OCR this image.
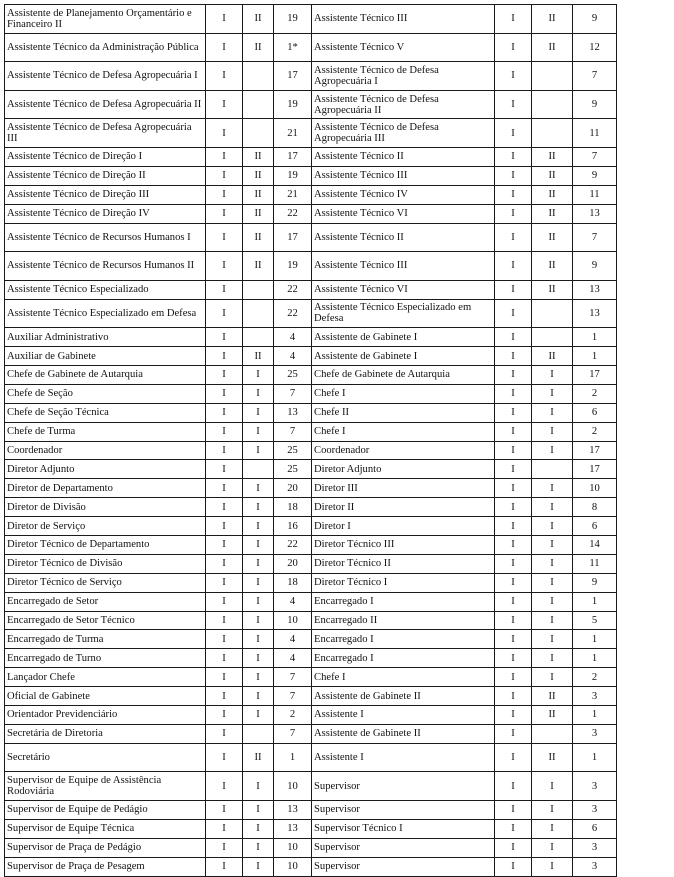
Assistente de Planejamento Orçamentário e Financeiro II	I	II	19	Assistente Técnico III	I	II	9
Assistente Técnico da Administração Pública	I	II	1*	Assistente Técnico V	I	II	12
Assistente Técnico de Defesa Agropecuária I	I		17	Assistente Técnico de Defesa Agropecuária I	I		7
Assistente Técnico de Defesa Agropecuária II	I		19	Assistente Técnico de Defesa Agropecuária II	I		9
Assistente Técnico de Defesa Agropecuária III	I		21	Assistente Técnico de Defesa Agropecuária III	I		11
Assistente Técnico de Direção I	I	II	17	Assistente Técnico II	I	II	7
Assistente Técnico de Direção II	I	II	19	Assistente Técnico III	I	II	9
Assistente Técnico de Direção III	I	II	21	Assistente Técnico IV	I	II	11
Assistente Técnico de Direção IV	I	II	22	Assistente Técnico VI	I	II	13
Assistente Técnico de Recursos Humanos I	I	II	17	Assistente Técnico II	I	II	7
Assistente Técnico de Recursos Humanos II	I	II	19	Assistente Técnico III	I	II	9
Assistente Técnico Especializado	I		22	Assistente Técnico VI	I	II	13
Assistente Técnico Especializado em Defesa	I		22	Assistente Técnico Especializado em Defesa	I		13
Auxiliar Administrativo	I		4	Assistente de Gabinete I	I		1
Auxiliar de Gabinete	I	II	4	Assistente de Gabinete I	I	II	1
Chefe de Gabinete de Autarquia	I	I	25	Chefe de Gabinete de Autarquia	I	I	17
Chefe de Seção	I	I	7	Chefe I	I	I	2
Chefe de Seção Técnica	I	I	13	Chefe II	I	I	6
Chefe de Turma	I	I	7	Chefe I	I	I	2
Coordenador	I	I	25	Coordenador	I	I	17
Diretor Adjunto	I		25	Diretor Adjunto	I		17
Diretor de Departamento	I	I	20	Diretor III	I	I	10
Diretor de Divisão	I	I	18	Diretor II	I	I	8
Diretor de Serviço	I	I	16	Diretor I	I	I	6
Diretor Técnico de Departamento	I	I	22	Diretor Técnico III	I	I	14
Diretor Técnico de Divisão	I	I	20	Diretor Técnico II	I	I	11
Diretor Técnico de Serviço	I	I	18	Diretor Técnico I	I	I	9
Encarregado de Setor	I	I	4	Encarregado I	I	I	1
Encarregado de Setor Técnico	I	I	10	Encarregado II	I	I	5
Encarregado de Turma	I	I	4	Encarregado I	I	I	1
Encarregado de Turno	I	I	4	Encarregado I	I	I	1
Lançador Chefe	I	I	7	Chefe I	I	I	2
Oficial de Gabinete	I	I	7	Assistente de Gabinete II	I	II	3
Orientador Previdenciário	I	I	2	Assistente I	I	II	1
Secretária de Diretoria	I		7	Assistente de Gabinete II	I		3
Secretário	I	II	1	Assistente I	I	II	1
Supervisor de Equipe de Assistência Rodoviária	I	I	10	Supervisor	I	I	3
Supervisor de Equipe de Pedágio	I	I	13	Supervisor	I	I	3
Supervisor de Equipe Técnica	I	I	13	Supervisor Técnico I	I	I	6
Supervisor de Praça de Pedágio	I	I	10	Supervisor	I	I	3
Supervisor de Praça de Pesagem	I	I	10	Supervisor	I	I	3
